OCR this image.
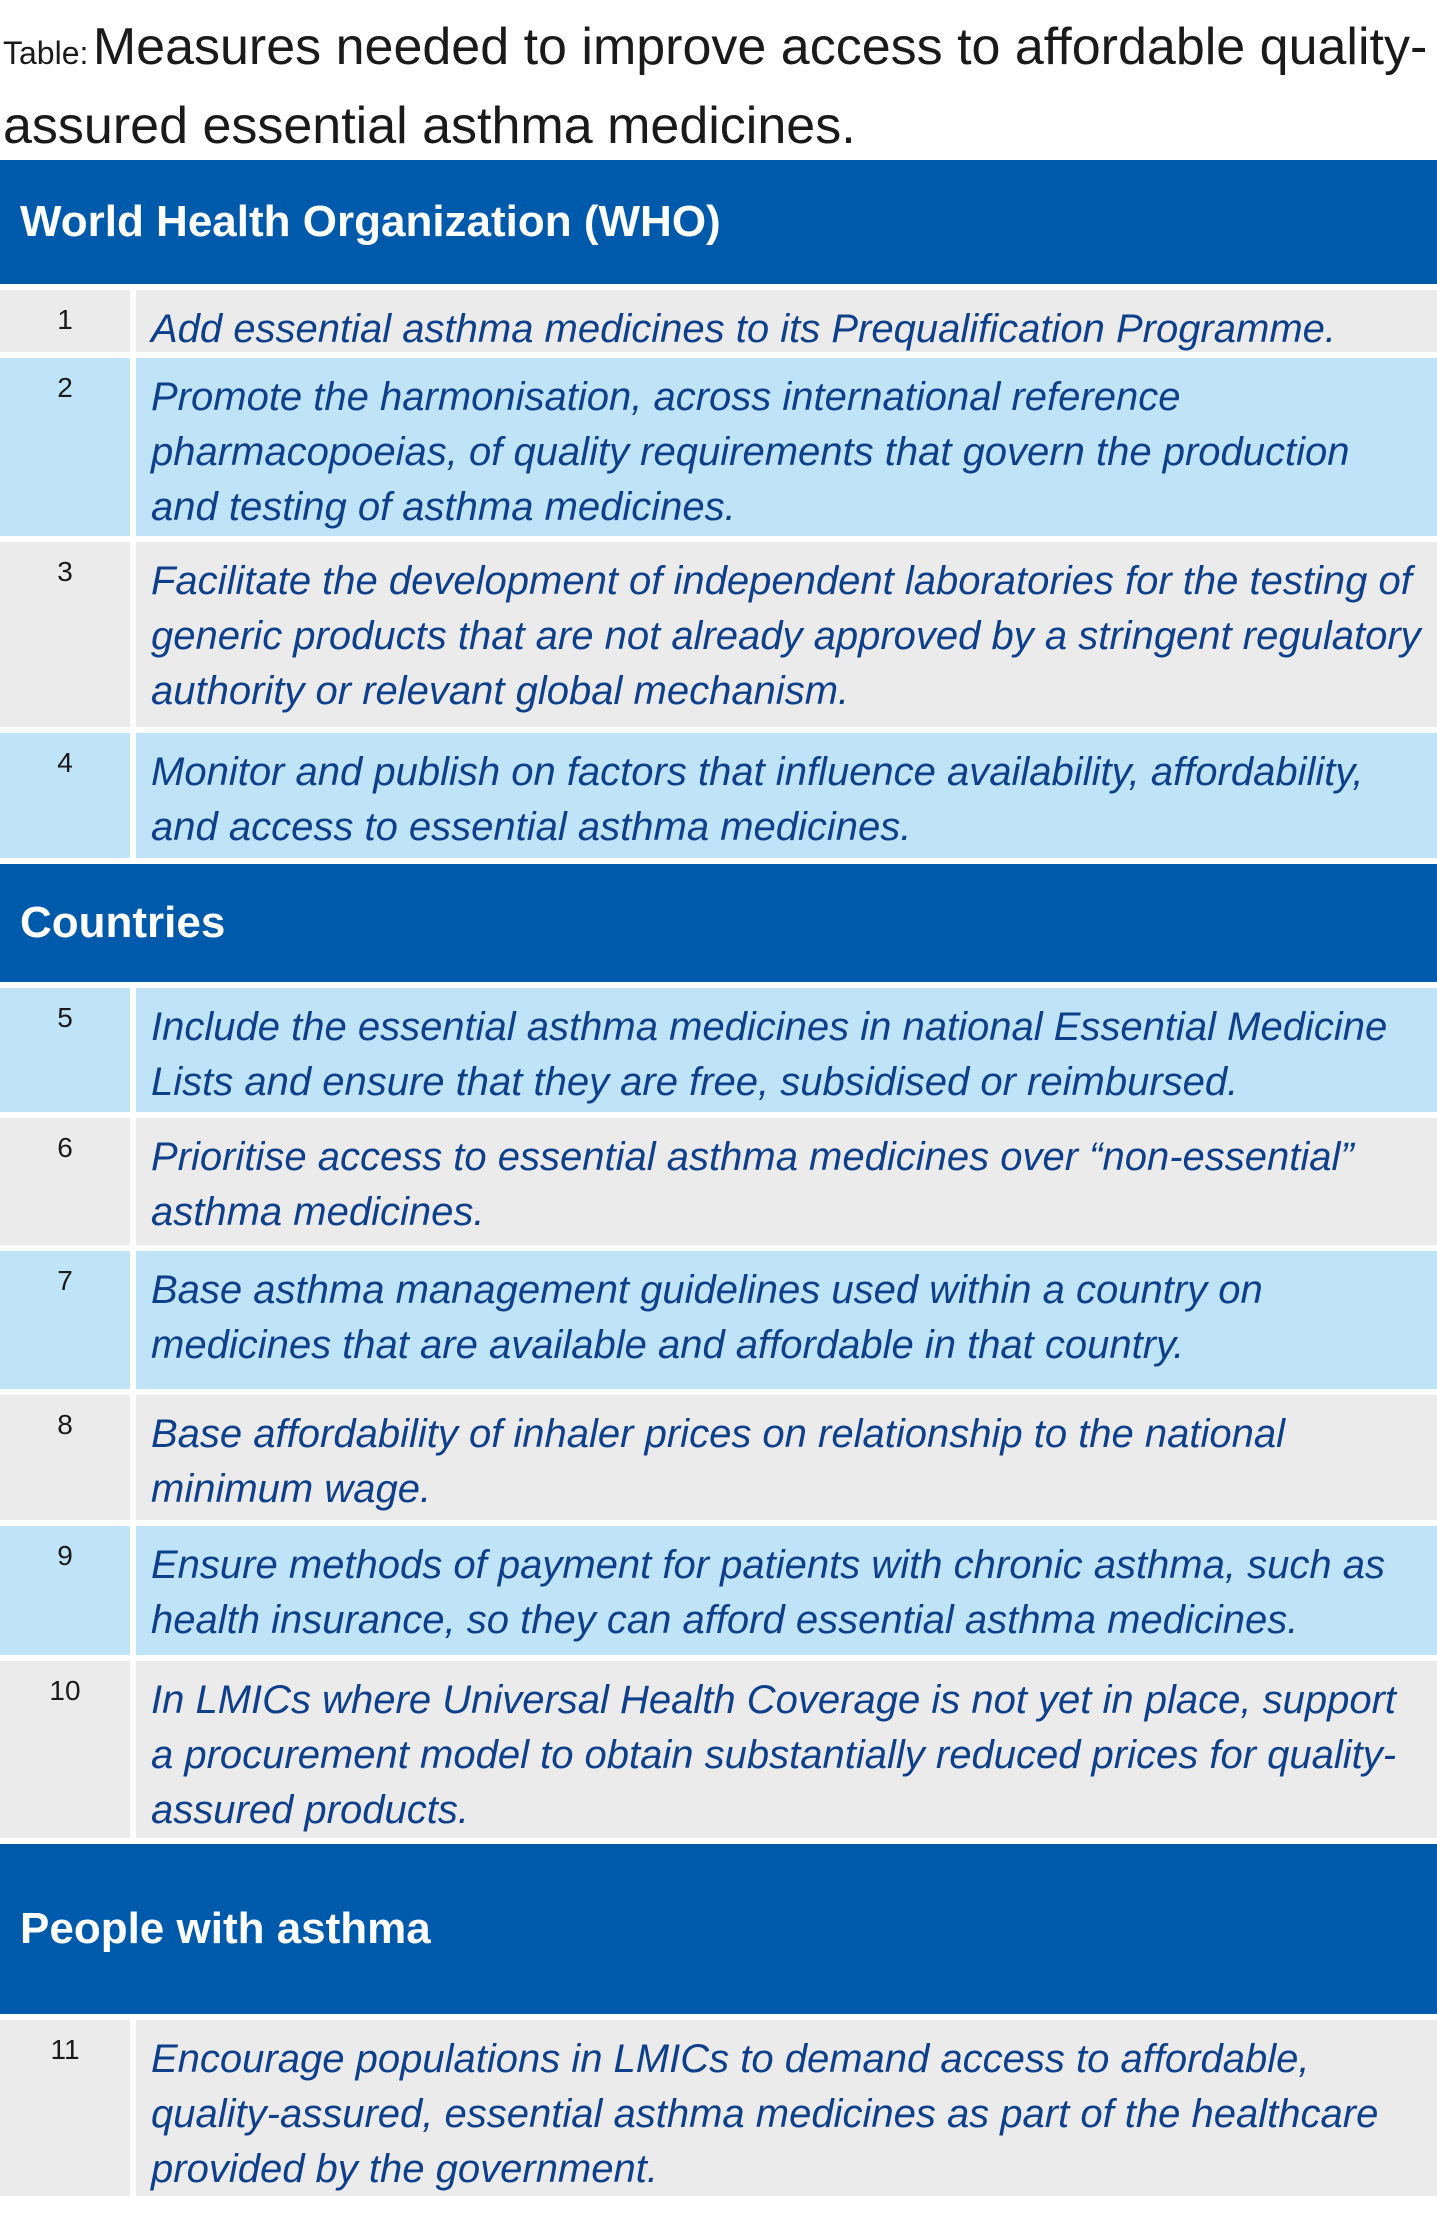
Table: Measures needed to improve access to affordable quality-assured essential asthma medicines.
World Health Organization (WHO)
1	Add essential asthma medicines to its Prequalification Programme.
2	Promote the harmonisation, across international reference pharmacopoeias, of quality requirements that govern the production and testing of asthma medicines.
3	Facilitate the development of independent laboratories for the testing of generic products that are not already approved by a stringent regulatory authority or relevant global mechanism.
4	Monitor and publish on factors that influence availability, affordability, and access to essential asthma medicines.
Countries
5	Include the essential asthma medicines in national Essential Medicine Lists and ensure that they are free, subsidised or reimbursed.
6	Prioritise access to essential asthma medicines over “non-essential” asthma medicines.
7	Base asthma management guidelines used within a country on medicines that are available and affordable in that country.
8	Base affordability of inhaler prices on relationship to the national minimum wage.
9	Ensure methods of payment for patients with chronic asthma, such as health insurance, so they can afford essential asthma medicines.
10	In LMICs where Universal Health Coverage is not yet in place, support a procurement model to obtain substantially reduced prices for quality-assured products.
People with asthma
11	Encourage populations in LMICs to demand access to affordable, quality-assured, essential asthma medicines as part of the healthcare provided by the government.
